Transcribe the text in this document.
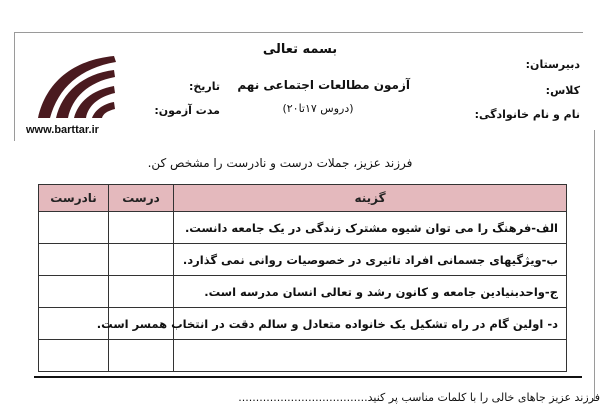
www.barttar.ir
بسمه تعالی
آزمون مطالعات اجتماعی نهم
(دروس ۱۷تا۲۰)
تاریخ:
مدت آزمون:
دبیرستان:
کلاس:
نام و نام خانوادگی:
فرزند عزیز، جملات درست و نادرست را مشخص کن.
گزینه	درست	نادرست
الف-فرهنگ را می توان شیوه مشترک زندگی در یک جامعه دانست.		
ب-ویژگیهای جسمانی افراد تاثیری در خصوصیات روانی نمی گذارد.		
ج-واحدبنیادین جامعه و کانون رشد و تعالی انسان مدرسه است.		
د- اولین گام در راه تشکیل یک خانواده متعادل و سالم دقت در انتخاب همسر است.		

فرزند عزیز جاهای خالی را با کلمات مناسب پر کنید.....................................
